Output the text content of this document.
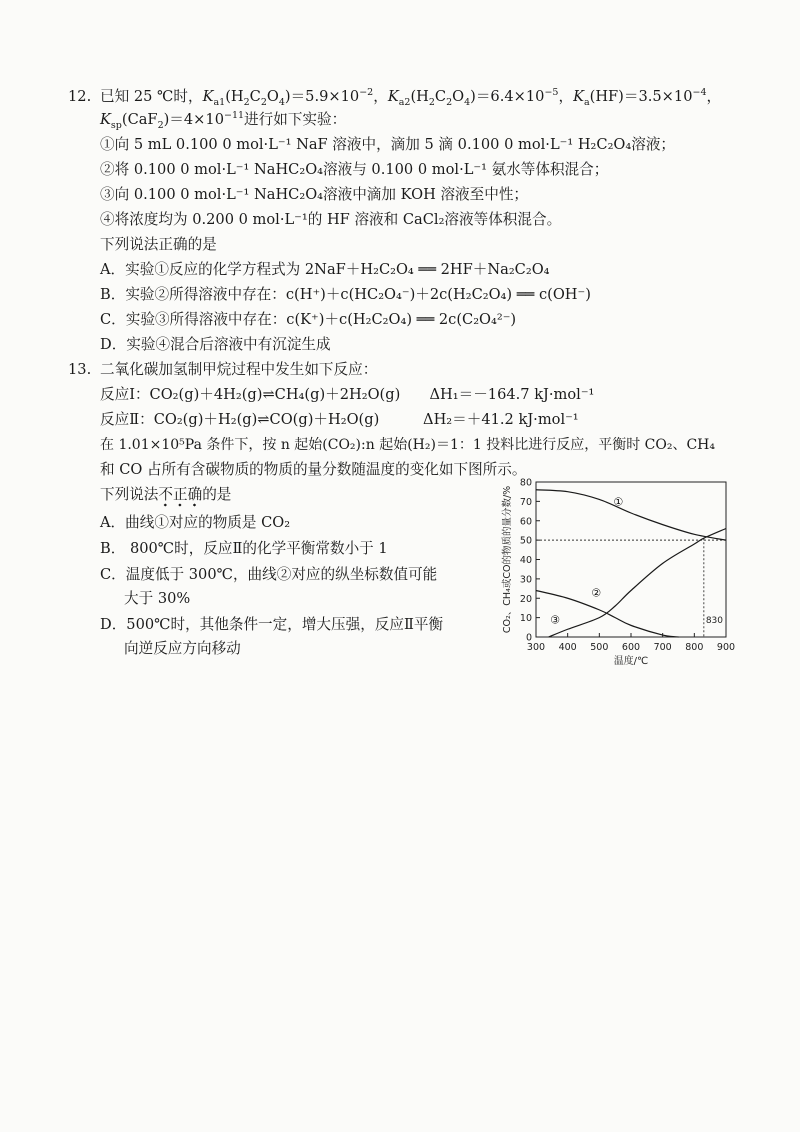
12. 已知 25 ℃时，$K_{a1}(H_2C_2O_4)=5.9\times 10^{-2}$，$K_{a2}(H_2C_2O_4)=6.4\times 10^{-5}$，$K_a(HF)=3.5\times 10^{-4}$，
$K_{sp}(CaF_2)=4\times 10^{-11}$进行如下实验：
①向 5 mL 0.100 0 mol·L⁻¹ NaF 溶液中，滴加 5 滴 0.100 0 mol·L⁻¹ H₂C₂O₄溶液；
②将 0.100 0 mol·L⁻¹ NaHC₂O₄溶液与 0.100 0 mol·L⁻¹ 氨水等体积混合；
③向 0.100 0 mol·L⁻¹ NaHC₂O₄溶液中滴加 KOH 溶液至中性；
④将浓度均为 0.200 0 mol·L⁻¹的 HF 溶液和 CaCl₂溶液等体积混合。
下列说法正确的是
A．实验①反应的化学方程式为 2NaF＋H₂C₂O₄ ══ 2HF＋Na₂C₂O₄
B．实验②所得溶液中存在：c(H⁺)＋c(HC₂O₄⁻)＋2c(H₂C₂O₄) ══ c(OH⁻)
C．实验③所得溶液中存在：c(K⁺)＋c(H₂C₂O₄) ══ 2c(C₂O₄²⁻)
D．实验④混合后溶液中有沉淀生成
13. 二氧化碳加氢制甲烷过程中发生如下反应：
反应Ⅰ：CO₂(g)＋4H₂(g)⇌CH₄(g)＋2H₂O(g)　　ΔH₁＝－164.7 kJ·mol⁻¹
反应Ⅱ：CO₂(g)＋H₂(g)⇌CO(g)＋H₂O(g)　　　ΔH₂＝＋41.2 kJ·mol⁻¹
在 1.01×10⁵Pa 条件下，按 n 起始(CO₂):n 起始(H₂)＝1：1 投料比进行反应，平衡时 CO₂、CH₄
和 CO 占所有含碳物质的物质的量分数随温度的变化如下图所示。
下列说法不正确的是
A．曲线①对应的物质是 CO₂
B． 800℃时，反应Ⅱ的化学平衡常数小于 1
C．温度低于 300℃，曲线②对应的纵坐标数值可能
大于 30%
D．500℃时，其他条件一定，增大压强，反应Ⅱ平衡
向逆反应方向移动
0
10
20
30
40
50
60
70
80
300 400 500 600 700 800 900
温度/℃
CO₂、CH₄或CO的物质的量分数/%	830
①
②
③
